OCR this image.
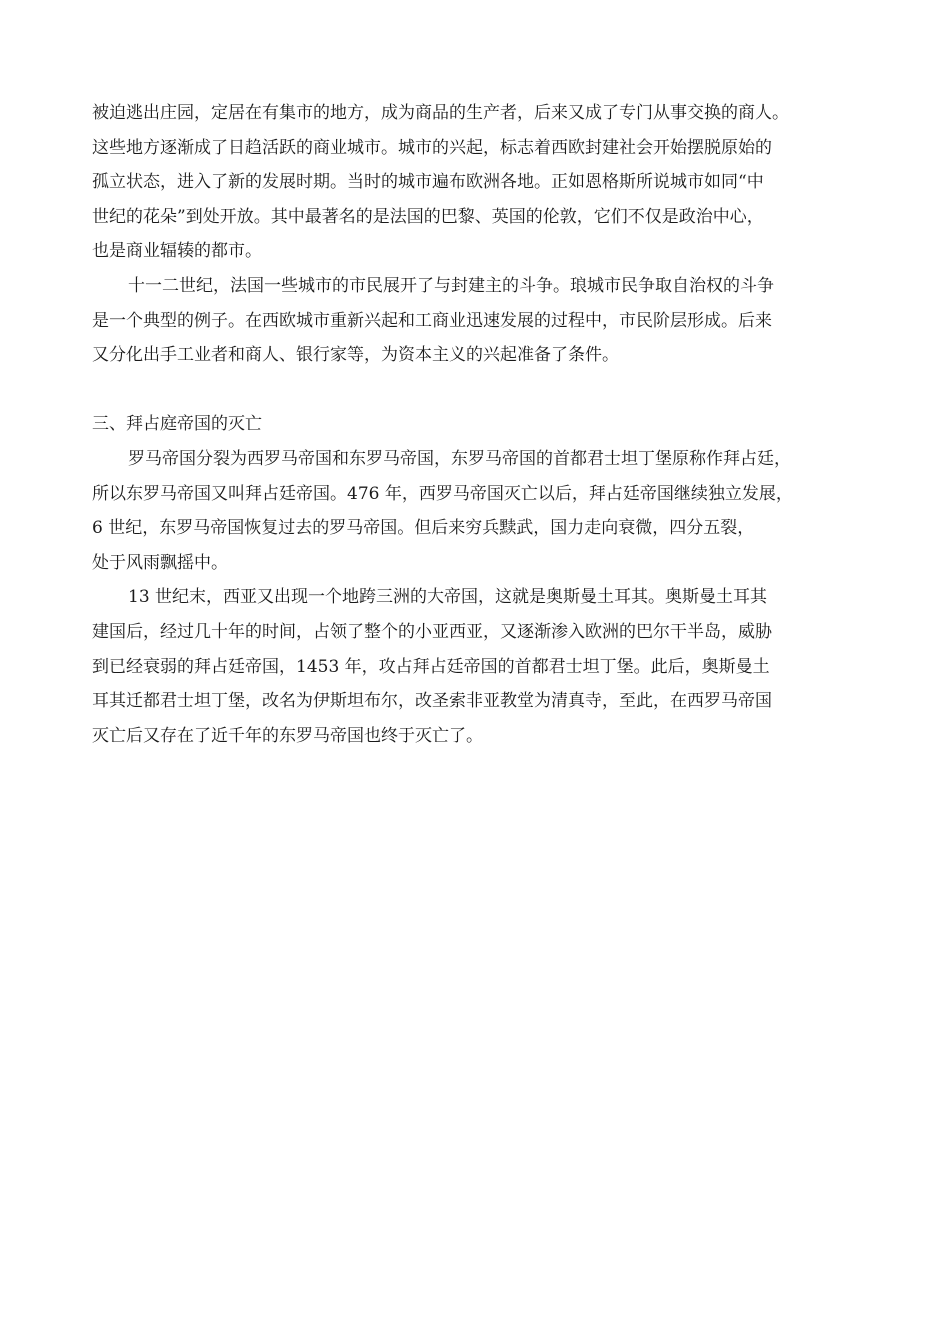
被迫逃出庄园，定居在有集市的地方，成为商品的生产者，后来又成了专门从事交换的商人。
这些地方逐渐成了日趋活跃的商业城市。城市的兴起，标志着西欧封建社会开始摆脱原始的
孤立状态，进入了新的发展时期。当时的城市遍布欧洲各地。正如恩格斯所说城市如同“中
世纪的花朵”到处开放。其中最著名的是法国的巴黎、英国的伦敦，它们不仅是政治中心，
也是商业辐辏的都市。
十一二世纪，法国一些城市的市民展开了与封建主的斗争。琅城市民争取自治权的斗争
是一个典型的例子。在西欧城市重新兴起和工商业迅速发展的过程中，市民阶层形成。后来
又分化出手工业者和商人、银行家等，为资本主义的兴起准备了条件。
三、拜占庭帝国的灭亡
罗马帝国分裂为西罗马帝国和东罗马帝国，东罗马帝国的首都君士坦丁堡原称作拜占廷，
所以东罗马帝国又叫拜占廷帝国。476 年，西罗马帝国灭亡以后，拜占廷帝国继续独立发展，
6 世纪，东罗马帝国恢复过去的罗马帝国。但后来穷兵黩武，国力走向衰微，四分五裂，
处于风雨飘摇中。
13 世纪末，西亚又出现一个地跨三洲的大帝国，这就是奥斯曼土耳其。奥斯曼土耳其
建国后，经过几十年的时间，占领了整个的小亚西亚，又逐渐渗入欧洲的巴尔干半岛，威胁
到已经衰弱的拜占廷帝国，1453 年，攻占拜占廷帝国的首都君士坦丁堡。此后，奥斯曼土
耳其迁都君士坦丁堡，改名为伊斯坦布尔，改圣索非亚教堂为清真寺，至此，在西罗马帝国
灭亡后又存在了近千年的东罗马帝国也终于灭亡了。
